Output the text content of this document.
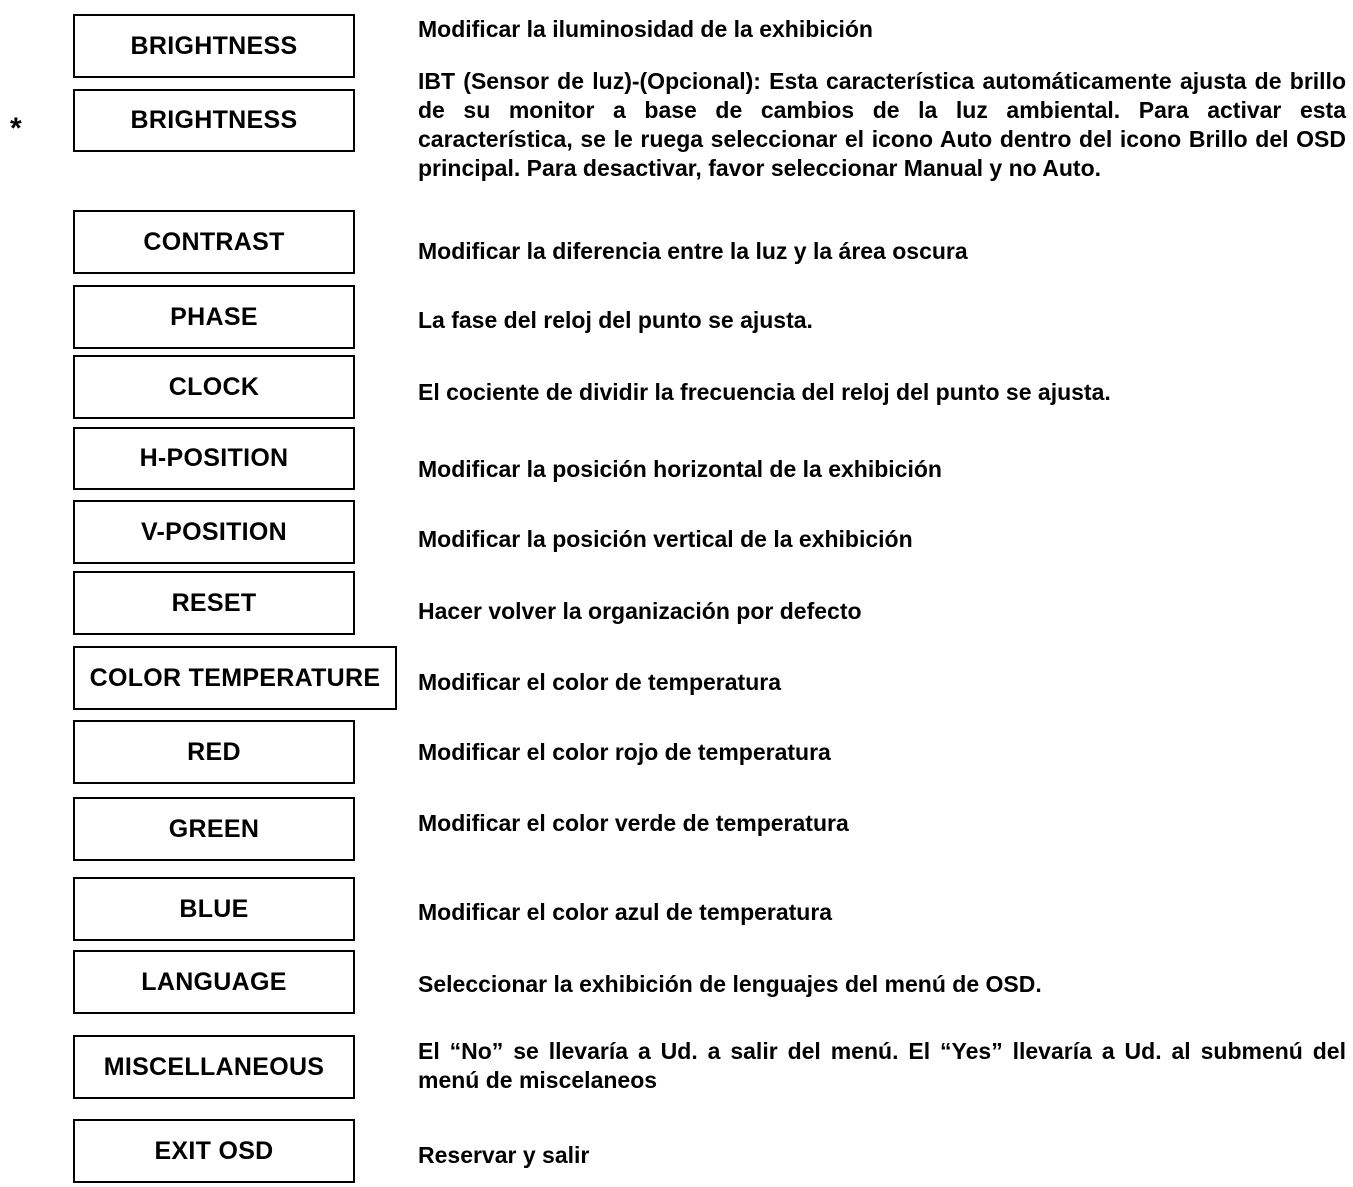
*
BRIGHTNESS
BRIGHTNESS
CONTRAST
PHASE
CLOCK
H-POSITION
V-POSITION
RESET
COLOR TEMPERATURE
RED
GREEN
BLUE
LANGUAGE
MISCELLANEOUS
EXIT OSD
Modificar la iluminosidad de la exhibición
IBT (Sensor de luz)-(Opcional): Esta característica automáticamente ajusta de brillo de su monitor a base de cambios de la luz ambiental. Para activar esta característica, se le ruega seleccionar el icono Auto dentro del icono Brillo del OSD principal. Para desactivar, favor seleccionar Manual y no Auto.
Modificar la diferencia entre la luz y la área oscura
La fase del reloj del punto se ajusta.
El cociente de dividir la frecuencia del reloj del punto se ajusta.
Modificar la posición horizontal de la exhibición
Modificar la posición vertical de la exhibición
Hacer volver la organización por defecto
Modificar el color de temperatura
Modificar el color rojo de temperatura
Modificar el color verde de temperatura
Modificar el color azul de temperatura
Seleccionar la exhibición de lenguajes del menú de OSD.
El “No” se llevaría a Ud. a salir del menú. El “Yes” llevaría a Ud. al submenú del menú de miscelaneos
Reservar y salir
